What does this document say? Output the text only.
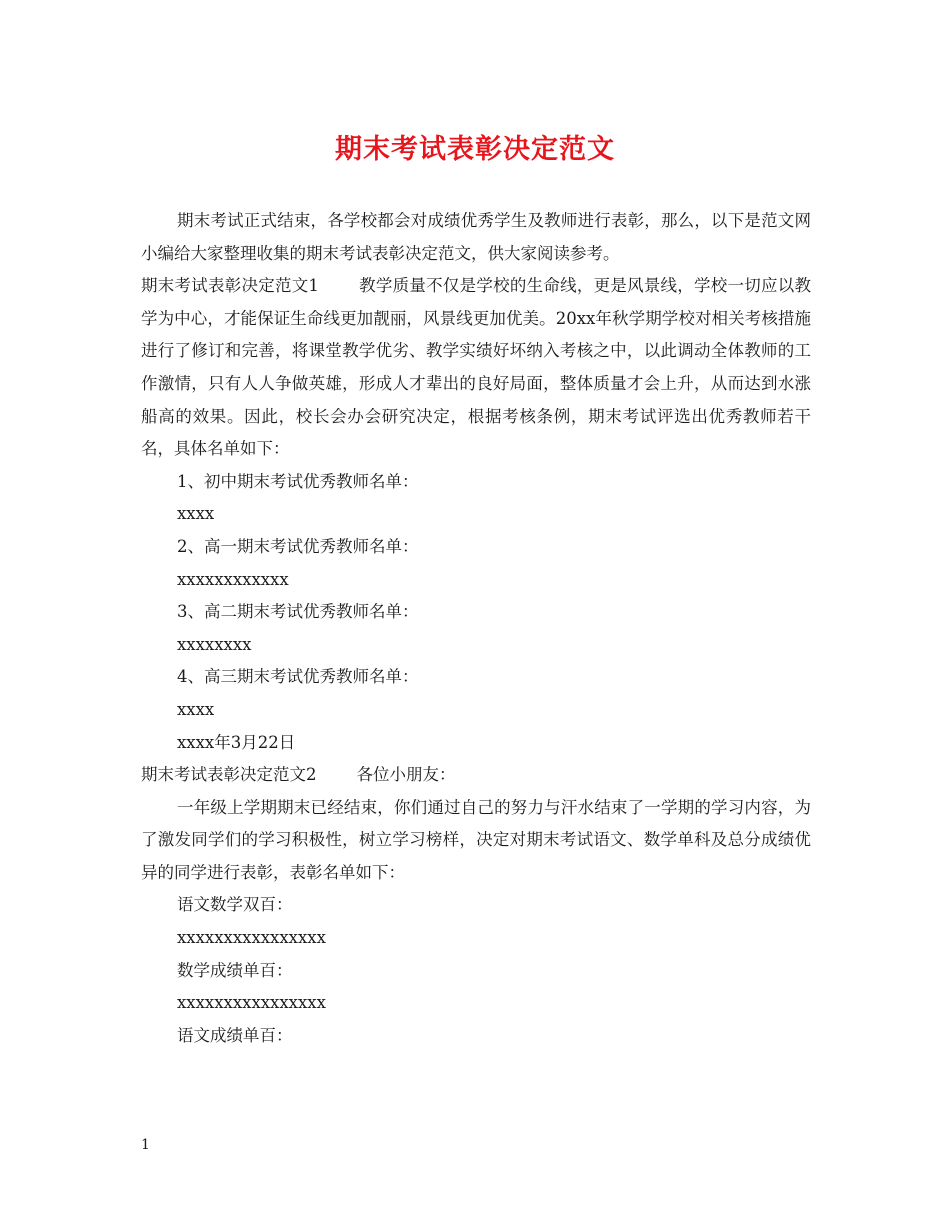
期末考试表彰决定范文

期末考试正式结束，各学校都会对成绩优秀学生及教师进行表彰，那么，以下是范文网小编给大家整理收集的期末考试表彰决定范文，供大家阅读参考。

期末考试表彰决定范文1 教学质量不仅是学校的生命线，更是风景线，学校一切应以教学为中心，才能保证生命线更加靓丽，风景线更加优美。20xx年秋学期学校对相关考核措施进行了修订和完善，将课堂教学优劣、教学实绩好坏纳入考核之中，以此调动全体教师的工作激情，只有人人争做英雄，形成人才辈出的良好局面，整体质量才会上升，从而达到水涨船高的效果。因此，校长会办会研究决定，根据考核条例，期末考试评选出优秀教师若干名，具体名单如下：

1、初中期末考试优秀教师名单：

xxxx

2、高一期末考试优秀教师名单：

xxxxxxxxxxxx

3、高二期末考试优秀教师名单：

xxxxxxxx

4、高三期末考试优秀教师名单：

xxxx

xxxx年3月22日

期末考试表彰决定范文2 各位小朋友：

一年级上学期期末已经结束，你们通过自己的努力与汗水结束了一学期的学习内容，为了激发同学们的学习积极性，树立学习榜样，决定对期末考试语文、数学单科及总分成绩优异的同学进行表彰，表彰名单如下：

语文数学双百：

xxxxxxxxxxxxxxxx

数学成绩单百：

xxxxxxxxxxxxxxxx

语文成绩单百：

1
